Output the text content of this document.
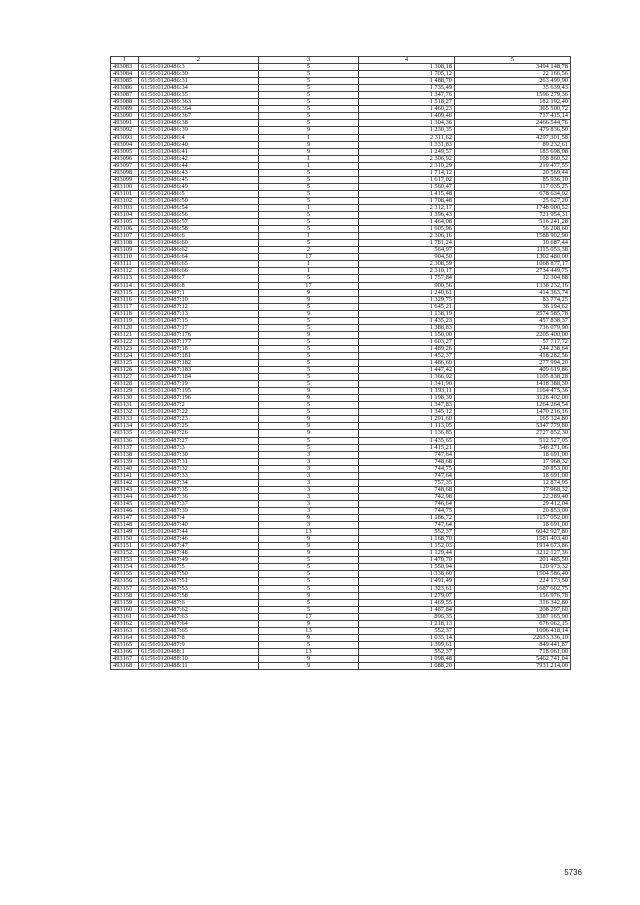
1	2	3	4	5
493083	61:56:0120486:3	5	1 308,18	3494 148,78
493084	61:56:0120486:30	5	1 705,12	22 166,56
493085	61:56:0120486:31	5	1 488,70	263 499,90
493086	61:56:0120486:34	5	1 735,49	35 639,43
493087	61:56:0120486:35	5	1 347,76	1596 279,36
493088	61:56:0120486:363	5	1 518,27	182 192,40
493089	61:56:0120486:364	5	1 460,23	365 500,72
493090	61:56:0120486:367	5	1 409,46	717 415,14
493091	61:56:0120486:38	5	1 304,36	2466 544,76
493092	61:56:0120486:39	9	1 230,35	479 836,50
493093	61:56:0120486:4	1	2 311,62	4297 301,58
493094	61:56:0120486:40	9	1 331,83	89 232,61
493095	61:56:0120486:41	9	1 249,57	185 698,08
493096	61:56:0120486:42	1	2 306,92	168 860,52
493097	61:56:0120486:44	1	2 310,29	219 477,55
493098	61:56:0120486:43	5	1 714,12	20 569,44
493099	61:56:0120486:45	5	1 617,02	85 936,10
493100	61:56:0120486:49	5	1 560,47	117 035,25
493101	61:56:0120486:5	5	1 415,48	678 634,92
493102	61:56:0120486:50	5	1 708,48	25 627,20
493103	61:56:0120486:54	1	2 312,17	1748 000,52
493104	61:56:0120486:56	5	1 396,43	721 954,31
493105	61:56:0120486:57	5	1 464,08	516 241,28
493106	61:56:0120486:58	5	1 605,96	56 208,60
493107	61:56:0120486:6	1	2 306,16	1588 902,90
493108	61:56:0120486:60	5	1 781,24	10 687,44
493109	61:56:0120486:62	2	564,97	1115 053,38
493110	61:56:0120486:64	17	904,50	1302 480,00
493111	61:56:0120486:65	1	2 308,59	1068 877,17
493112	61:56:0120486:66	1	2 310,17	2734 449,75
493113	61:56:0120486:7	5	1 757,84	12 304,88
493114	61:56:0120486:8	17	900,56	1338 232,16
493115	61:56:0120487:1	9	1 240,61	414 363,74
493116	61:56:0120487:10	9	1 329,75	83 774,25
493117	61:56:0120487:12	5	1 645,21	36 194,62
493118	61:56:0120487:13	9	1 138,19	2574 585,78
493119	61:56:0120487:15	5	1 435,23	457 838,37
493120	61:56:0120487:17	5	1 388,83	736 079,90
493121	61:56:0120487:176	9	1 150,00	2205 400,00
493122	61:56:0120487:177	5	1 603,27	57 717,72
493123	61:56:0120487:18	5	1 489,26	244 238,64
493124	61:56:0120487:181	5	1 452,37	418 282,56
493125	61:56:0120487:182	5	1 486,60	277 994,20
493126	61:56:0120487:183	5	1 447,42	409 619,86
493127	61:56:0120487:184	5	1 366,92	1105 838,28
493128	61:56:0120487:19	5	1 341,90	1418 388,30
493129	61:56:0120487:195	9	1 193,11	1164 475,36
493130	61:56:0120487:196	9	1 198,30	3126 402,00
493131	61:56:0120487:2	5	1 347,83	1264 264,54
493132	61:56:0120487:22	5	1 345,12	1470 216,16
493133	61:56:0120487:23	9	1 291,60	165 324,80
493134	61:56:0120487:25	9	1 113,05	5347 779,80
493135	61:56:0120487:26	9	1 136,85	2727 852,30
493136	61:56:0120487:27	5	1 435,65	512 527,05
493137	61:56:0120487:3	5	1 415,21	546 271,06
493138	61:56:0120487:30	3	747,64	18 691,00
493139	61:56:0120487:31	3	748,68	17 968,32
493140	61:56:0120487:32	3	744,75	20 853,00
493141	61:56:0120487:33	3	747,64	18 691,00
493142	61:56:0120487:34	3	757,35	12 874,95
493143	61:56:0120487:35	3	748,68	17 968,32
493144	61:56:0120487:36	3	742,98	22 289,40
493145	61:56:0120487:37	3	746,64	29 412,04
493146	61:56:0120487:39	3	744,75	20 853,00
493147	61:56:0120487:4	9	1 186,72	1157 052,00
493148	61:56:0120487:40	3	747,64	18 691,00
493149	61:56:0120487:44	13	552,37	6042 927,80
493150	61:56:0120487:46	9	1 168,70	1581 403,40
493151	61:56:0120487:47	9	1 152,03	1914 673,86
493152	61:56:0120487:48	9	1 129,44	3212 127,36
493153	61:56:0120487:49	5	1 470,70	201 485,50
493154	61:56:0120487:5	5	1 550,94	120 973,32
493155	61:56:0120487:50	5	1 338,60	1504 586,40
493156	61:56:0120487:51	5	1 491,49	224 173,50
493157	61:56:0120487:53	5	1 323,61	1687 602,75
493158	61:56:0120487:58	9	1 279,07	156 976,78
493159	61:56:0120487:6	5	1 469,55	316 342,80
493160	61:56:0120487:62	5	1 487,84	208 297,60
493161	61:56:0120487:63	17	896,35	3387 165,90
493162	61:56:0120487:64	9	1 218,13	676 062,15
493163	61:56:0120487:65	13	552,37	1006 418,14
493164	61:56:0120487:8	9	1 035,14	22633 336,10
493165	61:56:0120487:9	5	1 399,61	849 441,87
493166	61:56:0120488:1	13	552,37	718 061,00
493167	61:56:0120488:10	9	1 098,48	5462 741,04
493168	61:56:0120488:11	9	1 088,20	7931 214,00
5736
